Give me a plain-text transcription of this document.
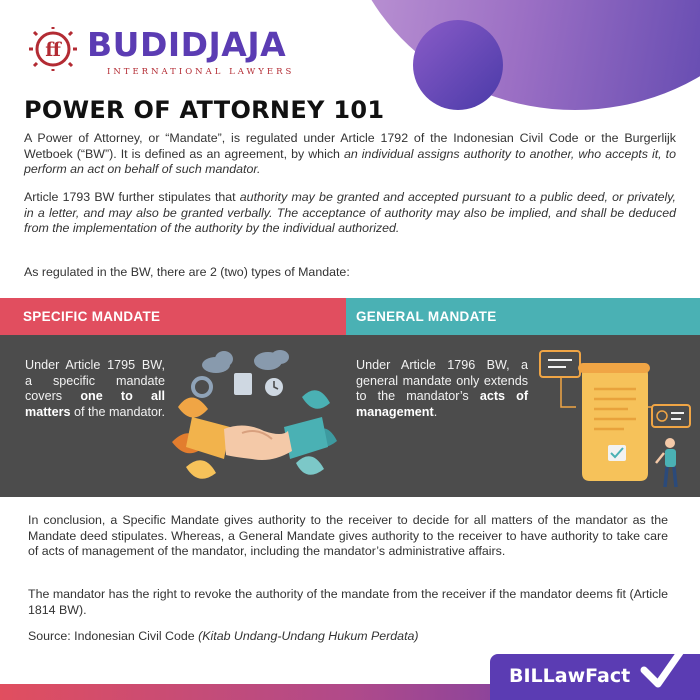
ﬀ BUDIDJAJA
INTERNATIONAL LAWYERS
POWER OF ATTORNEY 101

A Power of Attorney, or “Mandate”, is regulated under Article 1792 of the Indonesian Civil Code or the Burgerlijk Wetboek (“BW”). It is defined as an agreement, by which an individual assigns authority to another, who accepts it, to perform an act on behalf of such mandator.

Article 1793 BW further stipulates that authority may be granted and accepted pursuant to a public deed, or privately, in a letter, and may also be granted verbally. The acceptance of authority may also be implied, and shall be deduced from the implementation of the authority by the individual authorized.

As regulated in the BW, there are 2 (two) types of Mandate:

SPECIFIC MANDATE

Under Article 1795 BW, a specific mandate covers one to all matters of the mandator.

GENERAL MANDATE

Under Article 1796 BW, a general mandate only extends to the mandator’s acts of management.

In conclusion, a Specific Mandate gives authority to the receiver to decide for all matters of the mandator as the Mandate deed stipulates. Whereas, a General Mandate gives authority to the receiver to have authority to take care of acts of management of the mandator, including the mandator’s administrative affairs.

The mandator has the right to revoke the authority of the mandate from the receiver if the mandator deems fit (Article 1814 BW).

Source: Indonesian Civil Code (Kitab Undang-Undang Hukum Perdata)

BILLawFact
